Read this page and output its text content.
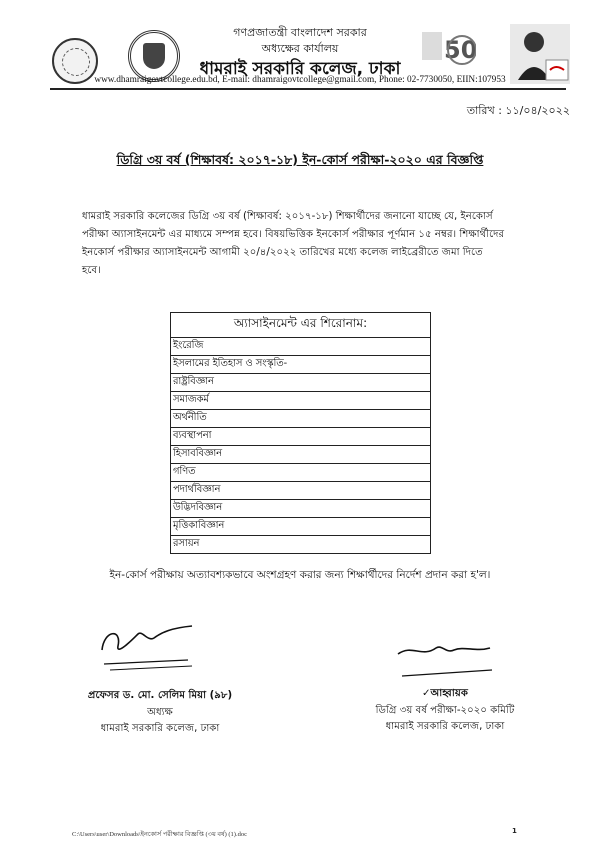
50
গণপ্রজাতন্ত্রী বাংলাদেশ সরকার
অধ্যক্ষের কার্যালয়
ধামরাই সরকারি কলেজ, ঢাকা
www.dhamraigovtcollege.edu.bd, E-mail: dhamraigovtcollege@gmail.com, Phone: 02-7730050, EIIN:107953
তারিখ : ১১/০৪/২০২২
ডিগ্রি ৩য় বর্ষ (শিক্ষাবর্ষ: ২০১৭-১৮) ইন-কোর্স পরীক্ষা-২০২০ এর বিজ্ঞপ্তি

ধামরাই সরকারি কলেজের ডিগ্রি ৩য় বর্ষ (শিক্ষাবর্ষ: ২০১৭-১৮) শিক্ষার্থীদের জনানো যাচ্ছে যে, ইনকোর্স

পরীক্ষা অ্যাসাইনমেন্ট এর মাধ্যমে সম্পন্ন হবে। বিষয়ভিত্তিক ইনকোর্স পরীক্ষার পূর্ণমান ১৫ নম্বর। শিক্ষার্থীদের

ইনকোর্স পরীক্ষার অ্যাসাইনমেন্ট আগামী ২০/৪/২০২২ তারিখের মধ্যে কলেজ লাইব্রেরীতে জমা দিতে

হবে।

অ্যাসাইনমেন্ট এর শিরোনাম:
ইংরেজি
ইসলামের ইতিহাস ও সংস্কৃতি-
রাষ্ট্রবিজ্ঞান
সমাজকর্ম
অর্থনীতি
ব্যবস্থাপনা
হিসাববিজ্ঞান
গণিত
পদার্থবিজ্ঞান
উদ্ভিদবিজ্ঞান
মৃত্তিকাবিজ্ঞান
রসায়ন
ইন-কোর্স পরীক্ষায় অত্যাবশ্যকভাবে অংশগ্রহণ করার জন্য শিক্ষার্থীদের নির্দেশ প্রদান করা হ'ল।
প্রফেসর ড. মো. সেলিম মিয়া (৯৮)
অধ্যক্ষ
ধামরাই সরকারি কলেজ, ঢাকা
✓আহ্বায়ক
ডিগ্রি ৩য় বর্ষ পরীক্ষা-২০২০ কমিটি
ধামরাই সরকারি কলেজ, ঢাকা
C:\Users\user\Downloads\ইনকোর্স পরীক্ষার বিজ্ঞপ্তি (৩য় বর্ষ) (1).doc	1
